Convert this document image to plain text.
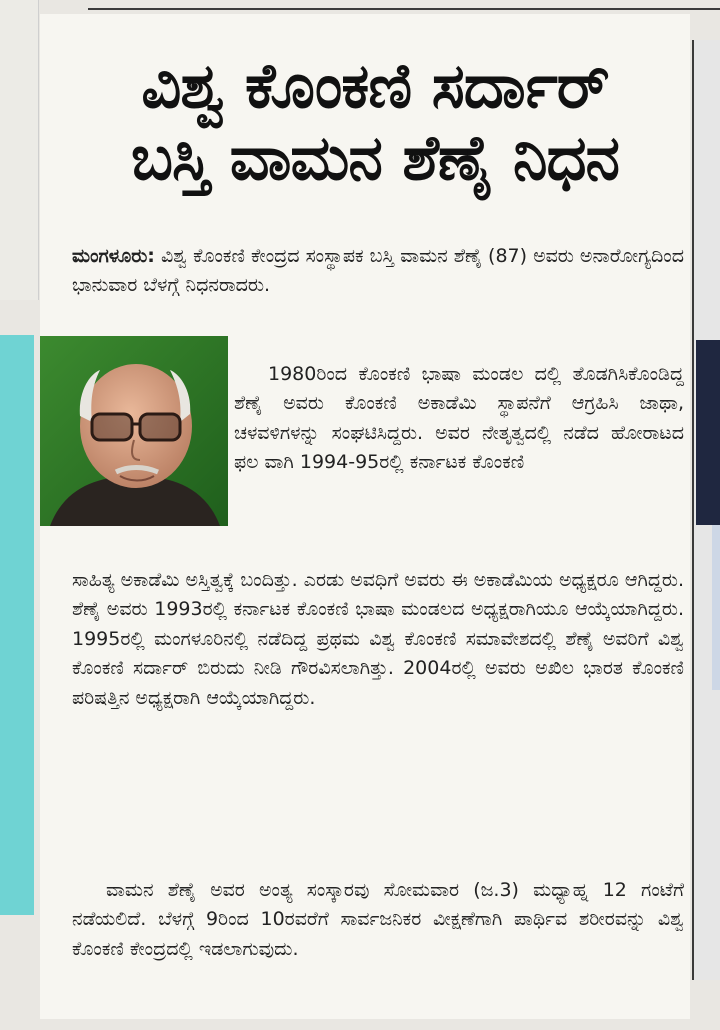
ವಿಶ್ವ ಕೊಂಕಣಿ ಸರ್ದಾರ್
ಬಸ್ತಿ ವಾಮನ ಶೆಣೈ ನಿಧನ

ಮಂಗಳೂರು: ವಿಶ್ವ ಕೊಂಕಣಿ ಕೇಂದ್ರದ ಸಂಸ್ಥಾಪಕ ಬಸ್ತಿ ವಾಮನ ಶೆಣೈ (87) ಅವರು ಅನಾರೋಗ್ಯದಿಂದ ಭಾನುವಾರ ಬೆಳಗ್ಗೆ ನಿಧನರಾದರು.

1980ರಿಂದ ಕೊಂಕಣಿ ಭಾಷಾ ಮಂಡಲ ದಲ್ಲಿ ತೊಡಗಿಸಿಕೊಂಡಿದ್ದ ಶೆಣೈ ಅವರು ಕೊಂಕಣಿ ಅಕಾಡೆಮಿ ಸ್ಥಾಪನೆಗೆ ಆಗ್ರಹಿಸಿ ಜಾಥಾ, ಚಳವಳಿಗಳನ್ನು ಸಂಘಟಿಸಿದ್ದರು. ಅವರ ನೇತೃತ್ವದಲ್ಲಿ ನಡೆದ ಹೋರಾಟದ ಫಲ ವಾಗಿ 1994-95ರಲ್ಲಿ ಕರ್ನಾಟಕ ಕೊಂಕಣಿ

ಸಾಹಿತ್ಯ ಅಕಾಡೆಮಿ ಅಸ್ತಿತ್ವಕ್ಕೆ ಬಂದಿತ್ತು. ಎರಡು ಅವಧಿಗೆ ಅವರು ಈ ಅಕಾಡೆಮಿಯ ಅಧ್ಯಕ್ಷರೂ ಆಗಿದ್ದರು. ಶೆಣೈ ಅವರು 1993ರಲ್ಲಿ ಕರ್ನಾಟಕ ಕೊಂಕಣಿ ಭಾಷಾ ಮಂಡಲದ ಅಧ್ಯಕ್ಷರಾಗಿಯೂ ಆಯ್ಕೆಯಾಗಿದ್ದರು. 1995ರಲ್ಲಿ ಮಂಗಳೂರಿನಲ್ಲಿ ನಡೆದಿದ್ದ ಪ್ರಥಮ ವಿಶ್ವ ಕೊಂಕಣಿ ಸಮಾವೇಶದಲ್ಲಿ ಶೆಣೈ ಅವರಿಗೆ ವಿಶ್ವ ಕೊಂಕಣಿ ಸರ್ದಾರ್ ಬಿರುದು ನೀಡಿ ಗೌರವಿಸಲಾಗಿತ್ತು. 2004ರಲ್ಲಿ ಅವರು ಅಖಿಲ ಭಾರತ ಕೊಂಕಣಿ ಪರಿಷತ್ತಿನ ಅಧ್ಯಕ್ಷರಾಗಿ ಆಯ್ಕೆಯಾಗಿದ್ದರು.

ವಾಮನ ಶೆಣೈ ಅವರ ಅಂತ್ಯ ಸಂಸ್ಕಾರವು ಸೋಮವಾರ (ಜ.3) ಮಧ್ಯಾಹ್ನ 12 ಗಂಟೆಗೆ ನಡೆಯಲಿದೆ. ಬೆಳಗ್ಗೆ 9ರಿಂದ 10ರವರೆಗೆ ಸಾರ್ವಜನಿಕರ ವೀಕ್ಷಣೆಗಾಗಿ ಪಾರ್ಥಿವ ಶರೀರವನ್ನು ವಿಶ್ವ ಕೊಂಕಣಿ ಕೇಂದ್ರದಲ್ಲಿ ಇಡಲಾಗುವುದು.
